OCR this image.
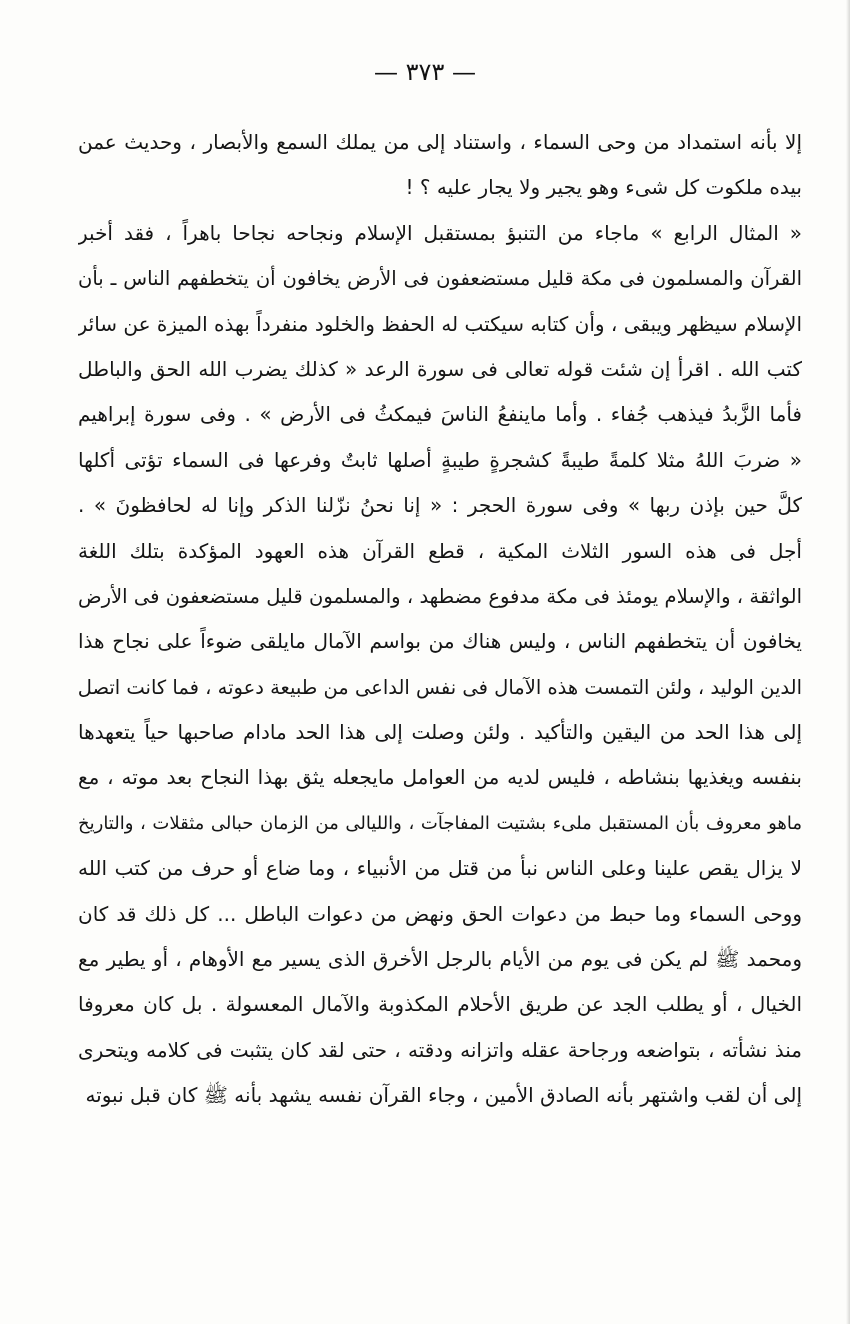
— ٣٧٣ —
إلا بأنه استمداد من وحى السماء ، واستناد إلى من يملك السمع والأبصار ، وحديث عمن
بيده ملكوت كل شىء وهو يجير ولا يجار عليه ؟ !
« المثال الرابع » ماجاء من التنبؤ بمستقبل الإسلام ونجاحه نجاحا باهراً ، فقد أخبر
القرآن والمسلمون فى مكة قليل مستضعفون فى الأرض يخافون أن يتخطفهم الناس ـ بأن
الإسلام سيظهر ويبقى ، وأن كتابه سيكتب له الحفظ والخلود منفرداً بهذه الميزة عن سائر
كتب الله . اقرأ إن شئت قوله تعالى فى سورة الرعد « كذلك يضرب الله الحق والباطل
فأما الزَّبدُ فيذهب جُفاء . وأما ماينفعُ الناسَ فيمكثُ فى الأرض » . وفى سورة إبراهيم
« ضربَ اللهُ مثلا كلمةً طيبةً كشجرةٍ طيبةٍ أصلها ثابتٌ وفرعها فى السماء تؤتى أكلها
كلَّ حين بإذن ربها » وفى سورة الحجر : « إنا نحنُ نزّلنا الذكر وإنا له لحافظونَ » .
أجل فى هذه السور الثلاث المكية ، قطع القرآن هذه العهود المؤكدة بتلك اللغة
الواثقة ، والإسلام يومئذ فى مكة مدفوع مضطهد ، والمسلمون قليل مستضعفون فى الأرض
يخافون أن يتخطفهم الناس ، وليس هناك من بواسم الآمال مايلقى ضوءاً على نجاح هذا
الدين الوليد ، ولئن التمست هذه الآمال فى نفس الداعى من طبيعة دعوته ، فما كانت اتصل
إلى هذا الحد من اليقين والتأكيد . ولئن وصلت إلى هذا الحد مادام صاحبها حياً يتعهدها
بنفسه ويغذيها بنشاطه ، فليس لديه من العوامل مايجعله يثق بهذا النجاح بعد موته ، مع
ماهو معروف بأن المستقبل ملىء بشتيت المفاجآت ، والليالى من الزمان حبالى مثقلات ، والتاريخ
لا يزال يقص علينا وعلى الناس نبأ من قتل من الأنبياء ، وما ضاع أو حرف من كتب الله
ووحى السماء وما حبط من دعوات الحق ونهض من دعوات الباطل ... كل ذلك قد كان
ومحمد ﷺ لم يكن فى يوم من الأيام بالرجل الأخرق الذى يسير مع الأوهام ، أو يطير مع
الخيال ، أو يطلب الجد عن طريق الأحلام المكذوبة والآمال المعسولة . بل كان معروفا
منذ نشأته ، بتواضعه ورجاحة عقله واتزانه ودقته ، حتى لقد كان يتثبت فى كلامه ويتحرى
إلى أن لقب واشتهر بأنه الصادق الأمين ، وجاء القرآن نفسه يشهد بأنه ﷺ كان قبل نبوته
